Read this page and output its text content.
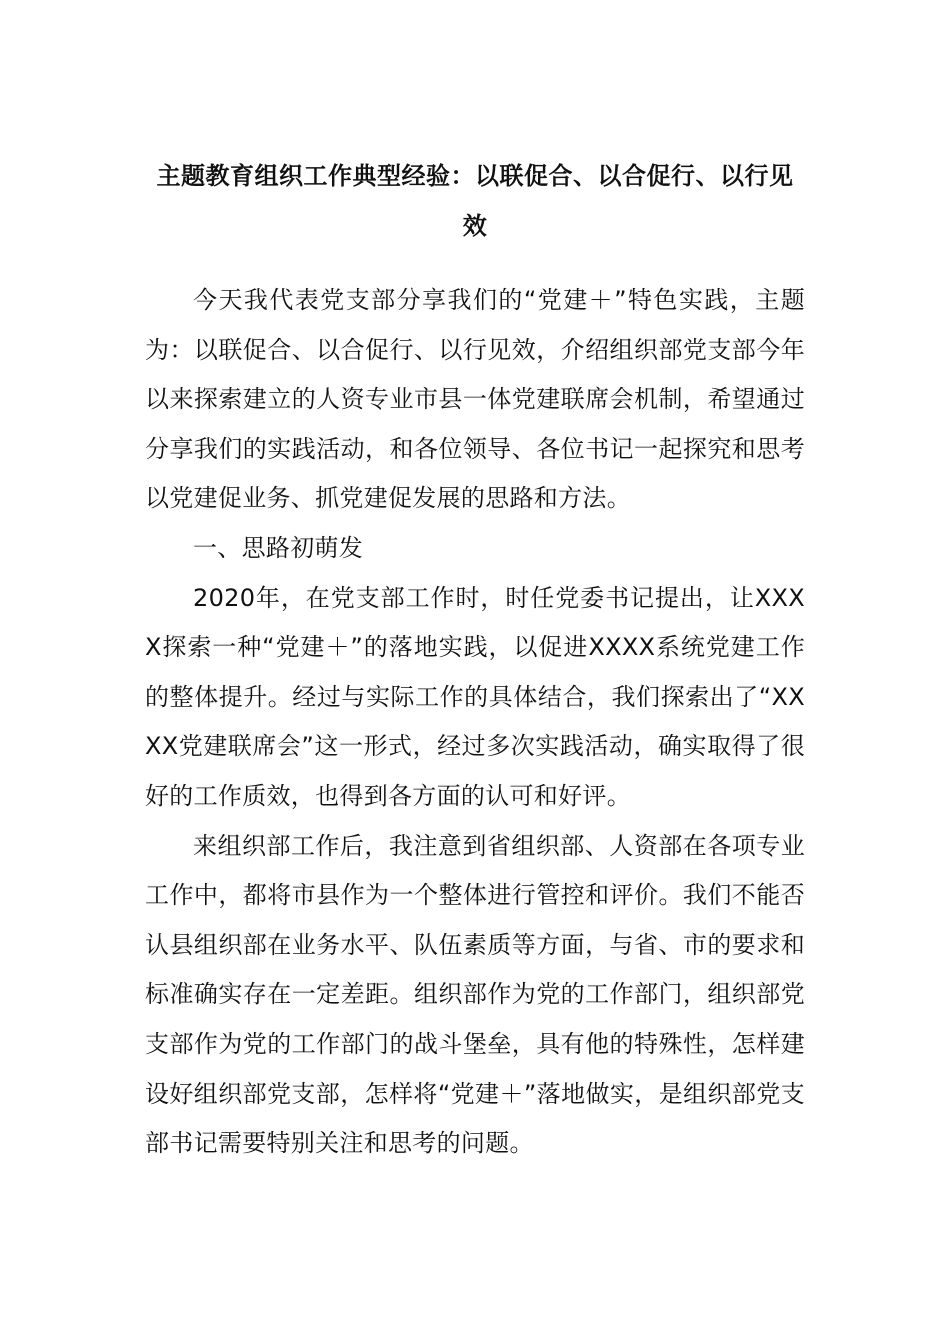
主题教育组织工作典型经验：以联促合、以合促行、以行见效

今天我代表党支部分享我们的“党建＋”特色实践，主题为：以联促合、以合促行、以行见效，介绍组织部党支部今年以来探索建立的人资专业市县一体党建联席会机制，希望通过分享我们的实践活动，和各位领导、各位书记一起探究和思考以党建促业务、抓党建促发展的思路和方法。

一、思路初萌发

2020年，在党支部工作时，时任党委书记提出，让XXXX探索一种“党建＋”的落地实践，以促进XXXX系统党建工作的整体提升。经过与实际工作的具体结合，我们探索出了“XXXX党建联席会”这一形式，经过多次实践活动，确实取得了很好的工作质效，也得到各方面的认可和好评。

来组织部工作后，我注意到省组织部、人资部在各项专业工作中，都将市县作为一个整体进行管控和评价。我们不能否认县组织部在业务水平、队伍素质等方面，与省、市的要求和标准确实存在一定差距。组织部作为党的工作部门，组织部党支部作为党的工作部门的战斗堡垒，具有他的特殊性，怎样建设好组织部党支部，怎样将“党建＋”落地做实，是组织部党支部书记需要特别关注和思考的问题。
